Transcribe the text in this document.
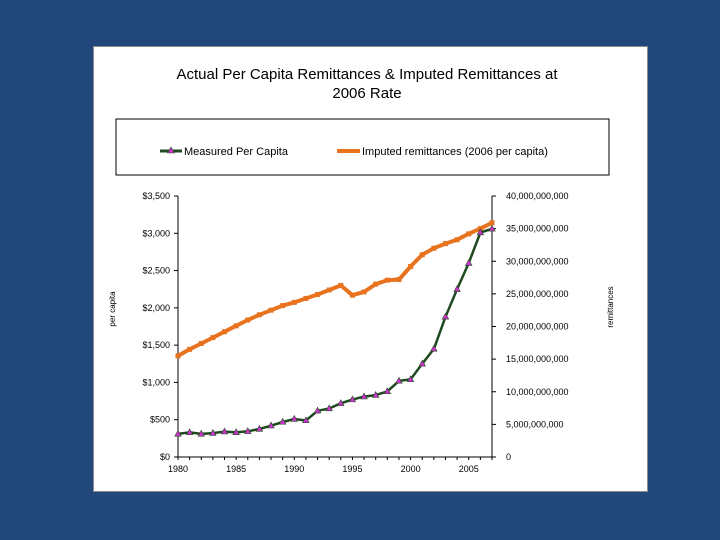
Actual Per Capita Remittances & Imputed Remittances at
2006 Rate
Measured Per Capita	Imputed remittances (2006 per capita)
$0
$500
$1,000
$1,500
$2,000
$2,500
$3,000
$3,500
0
5,000,000,000
10,000,000,000
15,000,000,000
20,000,000,000
25,000,000,000
30,000,000,000
35,000,000,000
40,000,000,000
1980	1985	1990	1995	2000	2005
per capita	remittances
